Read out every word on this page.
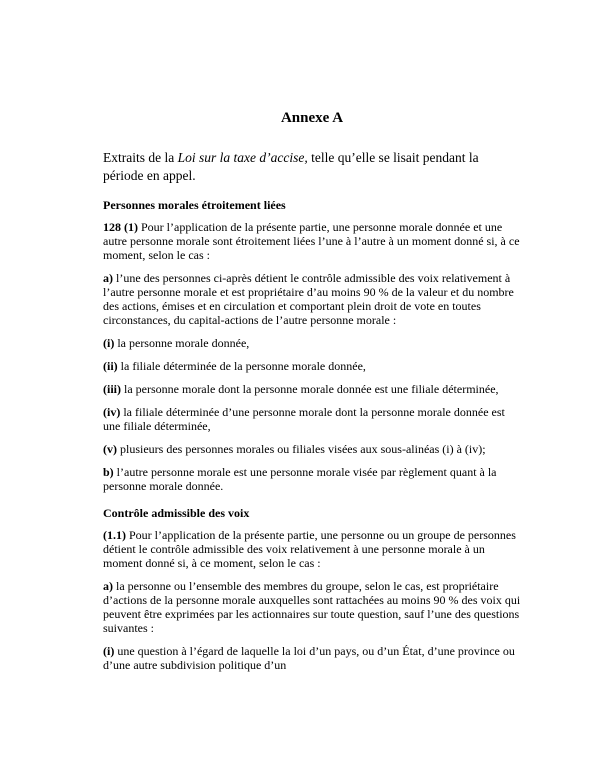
Annexe A

Extraits de la Loi sur la taxe d’accise, telle qu’elle se lisait pendant la période en appel.

Personnes morales étroitement liées

128 (1) Pour l’application de la présente partie, une personne morale donnée et une autre personne morale sont étroitement liées l’une à l’autre à un moment donné si, à ce moment, selon le cas :

a) l’une des personnes ci-après détient le contrôle admissible des voix relativement à l’autre personne morale et est propriétaire d’au moins 90 % de la valeur et du nombre des actions, émises et en circulation et comportant plein droit de vote en toutes circonstances, du capital-actions de l’autre personne morale :

(i) la personne morale donnée,

(ii) la filiale déterminée de la personne morale donnée,

(iii) la personne morale dont la personne morale donnée est une filiale déterminée,

(iv) la filiale déterminée d’une personne morale dont la personne morale donnée est une filiale déterminée,

(v) plusieurs des personnes morales ou filiales visées aux sous-alinéas (i) à (iv);

b) l’autre personne morale est une personne morale visée par règlement quant à la personne morale donnée.

Contrôle admissible des voix

(1.1) Pour l’application de la présente partie, une personne ou un groupe de personnes détient le contrôle admissible des voix relativement à une personne morale à un moment donné si, à ce moment, selon le cas :

a) la personne ou l’ensemble des membres du groupe, selon le cas, est propriétaire d’actions de la personne morale auxquelles sont rattachées au moins 90 % des voix qui peuvent être exprimées par les actionnaires sur toute question, sauf l’une des questions suivantes :

(i) une question à l’égard de laquelle la loi d’un pays, ou d’un État, d’une province ou d’une autre subdivision politique d’un
